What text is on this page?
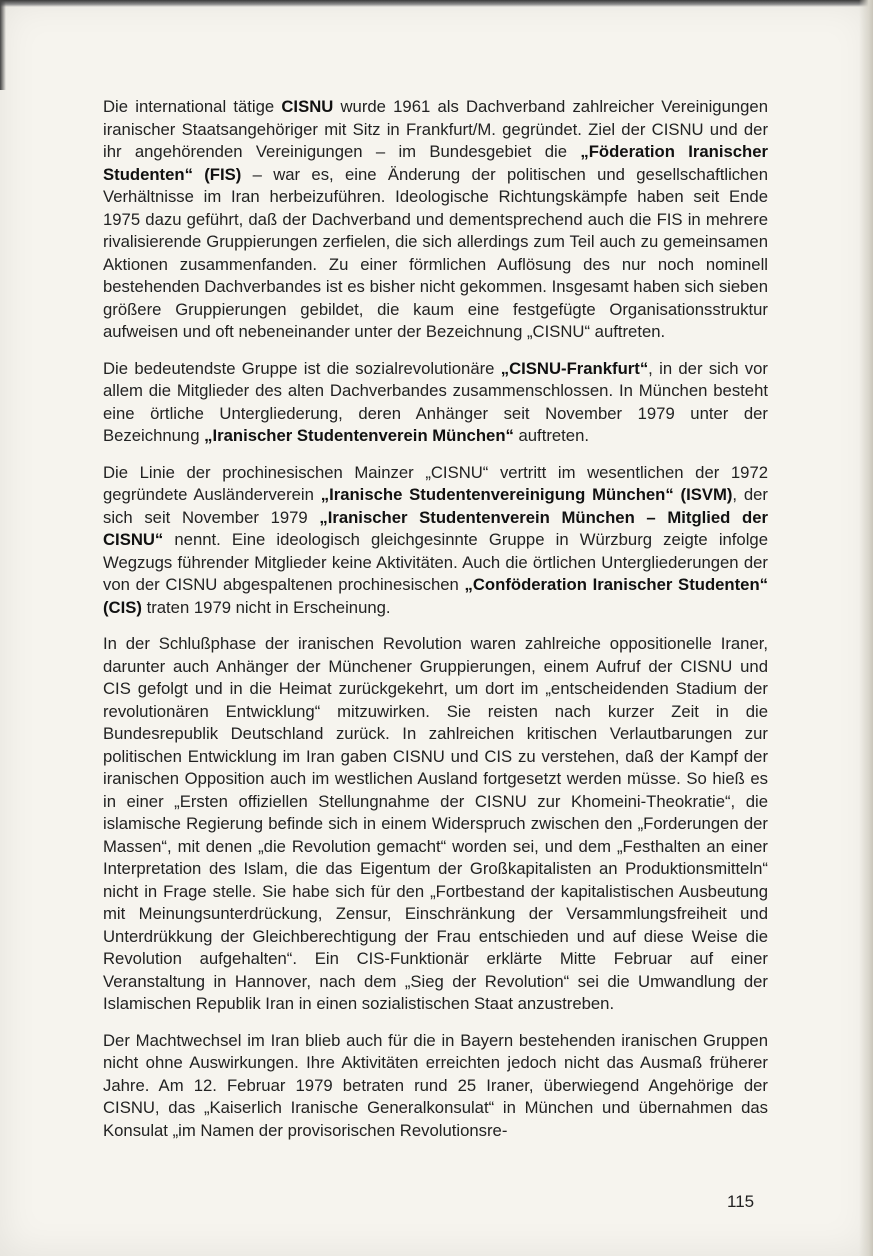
Die international tätige CISNU wurde 1961 als Dachverband zahlreicher Vereinigungen iranischer Staatsangehöriger mit Sitz in Frankfurt/M. gegründet. Ziel der CISNU und der ihr angehörenden Vereinigungen – im Bundesgebiet die „Föderation Iranischer Studenten“ (FIS) – war es, eine Änderung der politischen und gesellschaftlichen Verhältnisse im Iran herbeizuführen. Ideologische Richtungskämpfe haben seit Ende 1975 dazu geführt, daß der Dachverband und dementsprechend auch die FIS in mehrere rivalisierende Gruppierungen zerfielen, die sich allerdings zum Teil auch zu gemeinsamen Aktionen zusammenfanden. Zu einer förmlichen Auflösung des nur noch nominell bestehenden Dachverbandes ist es bisher nicht gekommen. Insgesamt haben sich sieben größere Gruppierungen gebildet, die kaum eine festgefügte Organisationsstruktur aufweisen und oft nebeneinander unter der Bezeichnung „CISNU“ auftreten.

Die bedeutendste Gruppe ist die sozialrevolutionäre „CISNU-Frankfurt“, in der sich vor allem die Mitglieder des alten Dachverbandes zusammenschlossen. In München besteht eine örtliche Untergliederung, deren Anhänger seit November 1979 unter der Bezeichnung „Iranischer Studentenverein München“ auftreten.

Die Linie der prochinesischen Mainzer „CISNU“ vertritt im wesentlichen der 1972 gegründete Ausländerverein „Iranische Studentenvereinigung München“ (ISVM), der sich seit November 1979 „Iranischer Studentenverein München – Mitglied der CISNU“ nennt. Eine ideologisch gleichgesinnte Gruppe in Würzburg zeigte infolge Wegzugs führender Mitglieder keine Aktivitäten. Auch die örtlichen Untergliederungen der von der CISNU abgespaltenen prochinesischen „Conföderation Iranischer Studenten“ (CIS) traten 1979 nicht in Erscheinung.

In der Schlußphase der iranischen Revolution waren zahlreiche oppositionelle Iraner, darunter auch Anhänger der Münchener Gruppierungen, einem Aufruf der CISNU und CIS gefolgt und in die Heimat zurückgekehrt, um dort im „entscheidenden Stadium der revolutionären Entwicklung“ mitzuwirken. Sie reisten nach kurzer Zeit in die Bundesrepublik Deutschland zurück. In zahlreichen kritischen Verlautbarungen zur politischen Entwicklung im Iran gaben CISNU und CIS zu verstehen, daß der Kampf der iranischen Opposition auch im westlichen Ausland fortgesetzt werden müsse. So hieß es in einer „Ersten offiziellen Stellungnahme der CISNU zur Khomeini-Theokratie“, die islamische Regierung befinde sich in einem Widerspruch zwischen den „Forderungen der Massen“, mit denen „die Revolution gemacht“ worden sei, und dem „Festhalten an einer Interpretation des Islam, die das Eigentum der Großkapitalisten an Produktionsmitteln“ nicht in Frage stelle. Sie habe sich für den „Fortbestand der kapitalistischen Ausbeutung mit Meinungsunterdrückung, Zensur, Einschränkung der Versammlungsfreiheit und Unterdrükkung der Gleichberechtigung der Frau entschieden und auf diese Weise die Revolution aufgehalten“. Ein CIS-Funktionär erklärte Mitte Februar auf einer Veranstaltung in Hannover, nach dem „Sieg der Revolution“ sei die Umwandlung der Islamischen Republik Iran in einen sozialistischen Staat anzustreben.

Der Machtwechsel im Iran blieb auch für die in Bayern bestehenden iranischen Gruppen nicht ohne Auswirkungen. Ihre Aktivitäten erreichten jedoch nicht das Ausmaß früherer Jahre. Am 12. Februar 1979 betraten rund 25 Iraner, überwiegend Angehörige der CISNU, das „Kaiserlich Iranische Generalkonsulat“ in München und übernahmen das Konsulat „im Namen der provisorischen Revolutionsre-

115
